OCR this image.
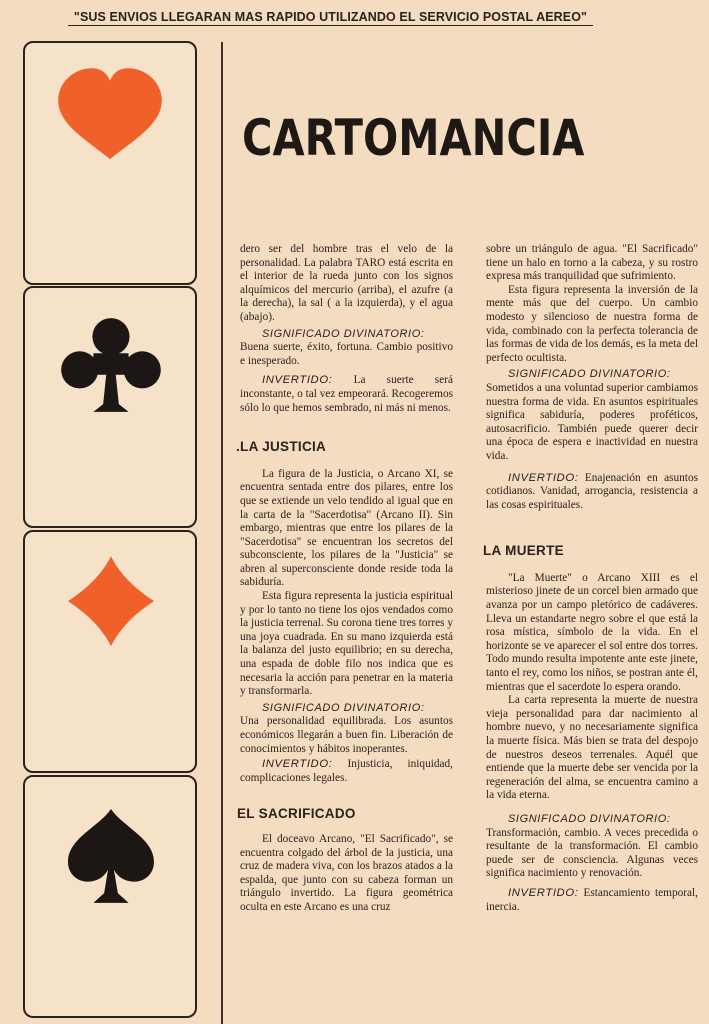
"SUS ENVIOS LLEGARAN MAS RAPIDO UTILIZANDO EL SERVICIO POSTAL AEREO"
CARTOMANCIA

dero ser del hombre tras el velo de la personalidad. La palabra TARO está escrita en el interior de la rueda junto con los signos alquímicos del mercurio (arriba), el azufre (a la derecha), la sal ( a la izquierda), y el agua (abajo).

SIGNIFICADO DIVINATORIO:

Buena suerte, éxito, fortuna. Cambio positivo e inesperado.

INVERTIDO: La suerte será inconstante, o tal vez empeorará. Recogeremos sólo lo que hemos sembrado, ni más ni menos.

.LA JUSTICIA

La figura de la Justicia, o Arcano XI, se encuentra sentada entre dos pilares, entre los que se extiende un velo tendido al igual que en la carta de la "Sacerdotisa" (Arcano II). Sin embargo, mientras que entre los pilares de la "Sacerdotisa" se encuentran los secretos del subconsciente, los pilares de la "Justicia" se abren al superconsciente donde reside toda la sabiduría.

Esta figura representa la justicia espiritual y por lo tanto no tiene los ojos vendados como la justicia terrenal. Su corona tiene tres torres y una joya cuadrada. En su mano izquierda está la balanza del justo equilibrio; en su derecha, una espada de doble filo nos indica que es necesaria la acción para penetrar en la materia y transformarla.

SIGNIFICADO DIVINATORIO:

Una personalidad equilibrada. Los asuntos económicos llegarán a buen fin. Liberación de conocimientos y hábitos inoperantes.

INVERTIDO: Injusticia, iniquidad, complicaciones legales.

EL SACRIFICADO

El doceavo Arcano, "El Sacrificado", se encuentra colgado del árbol de la justicia, una cruz de madera viva, con los brazos atados a la espalda, que junto con su cabeza forman un triángulo invertido. La figura geométrica oculta en este Arcano es una cruz

sobre un triángulo de agua. "El Sacrificado" tiene un halo en torno a la cabeza, y su rostro expresa más tranquilidad que sufrimiento.

Esta figura representa la inversión de la mente más que del cuerpo. Un cambio modesto y silencioso de nuestra forma de vida, combinado con la perfecta tolerancia de las formas de vida de los demás, es la meta del perfecto ocultista.

SIGNIFICADO DIVINATORIO:

Sometidos a una voluntad superior cambiamos nuestra forma de vida. En asuntos espirituales significa sabiduría, poderes proféticos, autosacrificio. También puede querer decir una época de espera e inactividad en nuestra vida.

INVERTIDO: Enajenación en asuntos cotidianos. Vanidad, arrogancia, resistencia a las cosas espirituales.

LA MUERTE

"La Muerte" o Arcano XIII es el misterioso jinete de un corcel bien armado que avanza por un campo pletórico de cadáveres. Lleva un estandarte negro sobre el que está la rosa mística, símbolo de la vida. En el horizonte se ve aparecer el sol entre dos torres. Todo mundo resulta impotente ante este jinete, tanto el rey, como los niños, se postran ante él, mientras que el sacerdote lo espera orando.

La carta representa la muerte de nuestra vieja personalidad para dar nacimiento al hombre nuevo, y no necesariamente significa la muerte física. Más bien se trata del despojo de nuestros deseos terrenales. Aquél que entiende que la muerte debe ser vencida por la regeneración del alma, se encuentra camino a la vida eterna.

SIGNIFICADO DIVINATORIO:

Transformación, cambio. A veces precedida o resultante de la transformación. El cambio puede ser de consciencia. Algunas veces significa nacimiento y renovación.

INVERTIDO: Estancamiento temporal, inercia.
